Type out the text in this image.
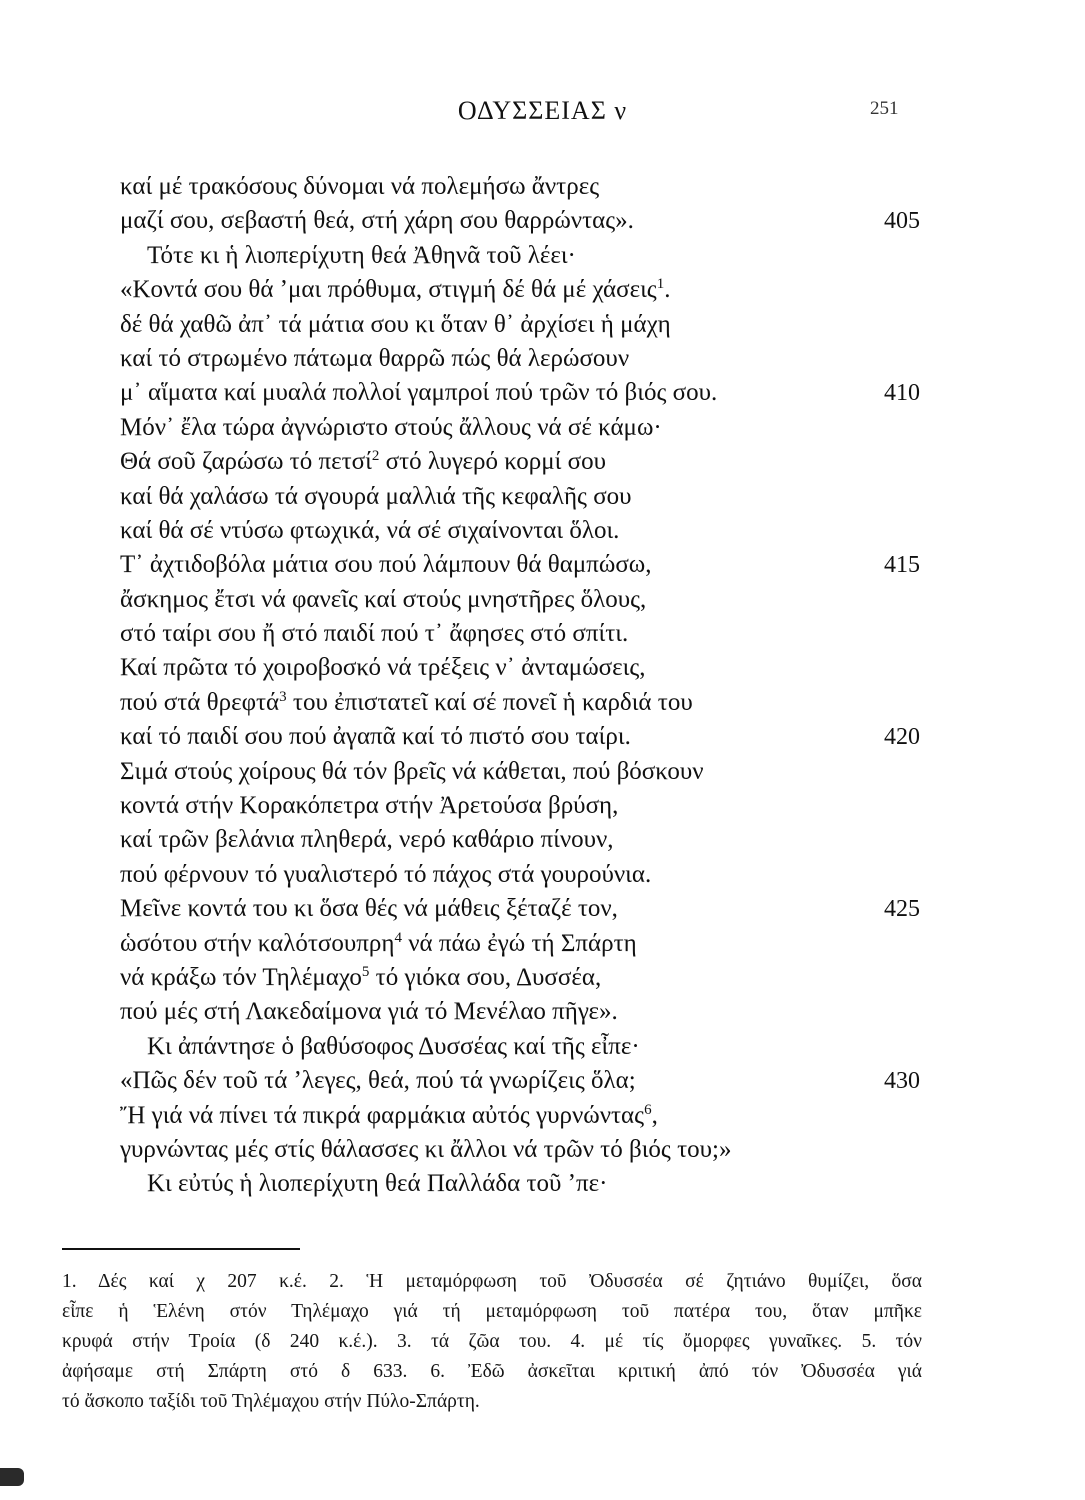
ΟΔΥΣΣΕΙΑΣ ν	251
καί μέ τρακόσους δύνομαι νά πολεμήσω ἄντρες
μαζί σου, σεβαστή θεά, στή χάρη σου θαρρώντας».	405
Τότε κι ἡ λιοπερίχυτη θεά Ἀθηνᾶ τοῦ λέει·
«Κοντά σου θά ʼμαι πρόθυμα, στιγμή δέ θά μέ χάσεις$^1$.
δέ θά χαθῶ ἀπ᾿ τά μάτια σου κι ὅταν θ᾿ ἀρχίσει ἡ μάχη
καί τό στρωμένο πάτωμα θαρρῶ πώς θά λερώσουν
μ᾿ αἵματα καί μυαλά πολλοί γαμπροί πού τρῶν τό βιός σου.	410
Μόν᾿ ἔλα τώρα ἀγνώριστο στούς ἄλλους νά σέ κάμω·
Θά σοῦ ζαρώσω τό πετσί$^2$ στό λυγερό κορμί σου
καί θά χαλάσω τά σγουρά μαλλιά τῆς κεφαλῆς σου
καί θά σέ ντύσω φτωχικά, νά σέ σιχαίνονται ὅλοι.
Τ᾿ ἀχτιδοβόλα μάτια σου πού λάμπουν θά θαμπώσω,	415
ἄσκημος ἔτσι νά φανεῖς καί στούς μνηστῆρες ὅλους,
στό ταίρι σου ἤ στό παιδί πού τ᾿ ἄφησες στό σπίτι.
Καί πρῶτα τό χοιροβοσκό νά τρέξεις ν᾿ ἀνταμώσεις,
πού στά θρεφτά$^3$ του ἐπιστατεῖ καί σέ πονεῖ ἡ καρδιά του
καί τό παιδί σου πού ἀγαπᾶ καί τό πιστό σου ταίρι.	420
Σιμά στούς χοίρους θά τόν βρεῖς νά κάθεται, πού βόσκουν
κοντά στήν Κορακόπετρα στήν Ἀρετούσα βρύση,
καί τρῶν βελάνια πληθερά, νερό καθάριο πίνουν,
πού φέρνουν τό γυαλιστερό τό πάχος στά γουρούνια.
Μεῖνε κοντά του κι ὅσα θές νά μάθεις ξέταζέ τον,	425
ὡσότου στήν καλότσουπρη$^4$ νά πάω ἐγώ τή Σπάρτη
νά κράξω τόν Τηλέμαχο$^5$ τό γιόκα σου, Δυσσέα,
πού μές στή Λακεδαίμονα γιά τό Μενέλαο πῆγε».
Κι ἀπάντησε ὁ βαθύσοφος Δυσσέας καί τῆς εἶπε·
«Πῶς δέν τοῦ τά ʼλεγες, θεά, πού τά γνωρίζεις ὅλα;	430
Ἤ γιά νά πίνει τά πικρά φαρμάκια αὐτός γυρνώντας$^6$,
γυρνώντας μές στίς θάλασσες κι ἄλλοι νά τρῶν τό βιός του;»
Κι εὐτύς ἡ λιοπερίχυτη θεά Παλλάδα τοῦ ʼπε·
1. Δές καί χ 207 κ.έ. 2. Ἡ μεταμόρφωση τοῦ Ὀδυσσέα σέ ζητιάνο θυμίζει, ὅσα
εἶπε ἡ Ἑλένη στόν Τηλέμαχο γιά τή μεταμόρφωση τοῦ πατέρα του, ὅταν μπῆκε
κρυφά στήν Τροία (δ 240 κ.έ.). 3. τά ζῶα του. 4. μέ τίς ὄμορφες γυναῖκες. 5. τόν
ἀφήσαμε στή Σπάρτη στό δ 633. 6. Ἐδῶ ἀσκεῖται κριτική ἀπό τόν Ὀδυσσέα γιά
τό ἄσκοπο ταξίδι τοῦ Τηλέμαχου στήν Πύλο-Σπάρτη.
